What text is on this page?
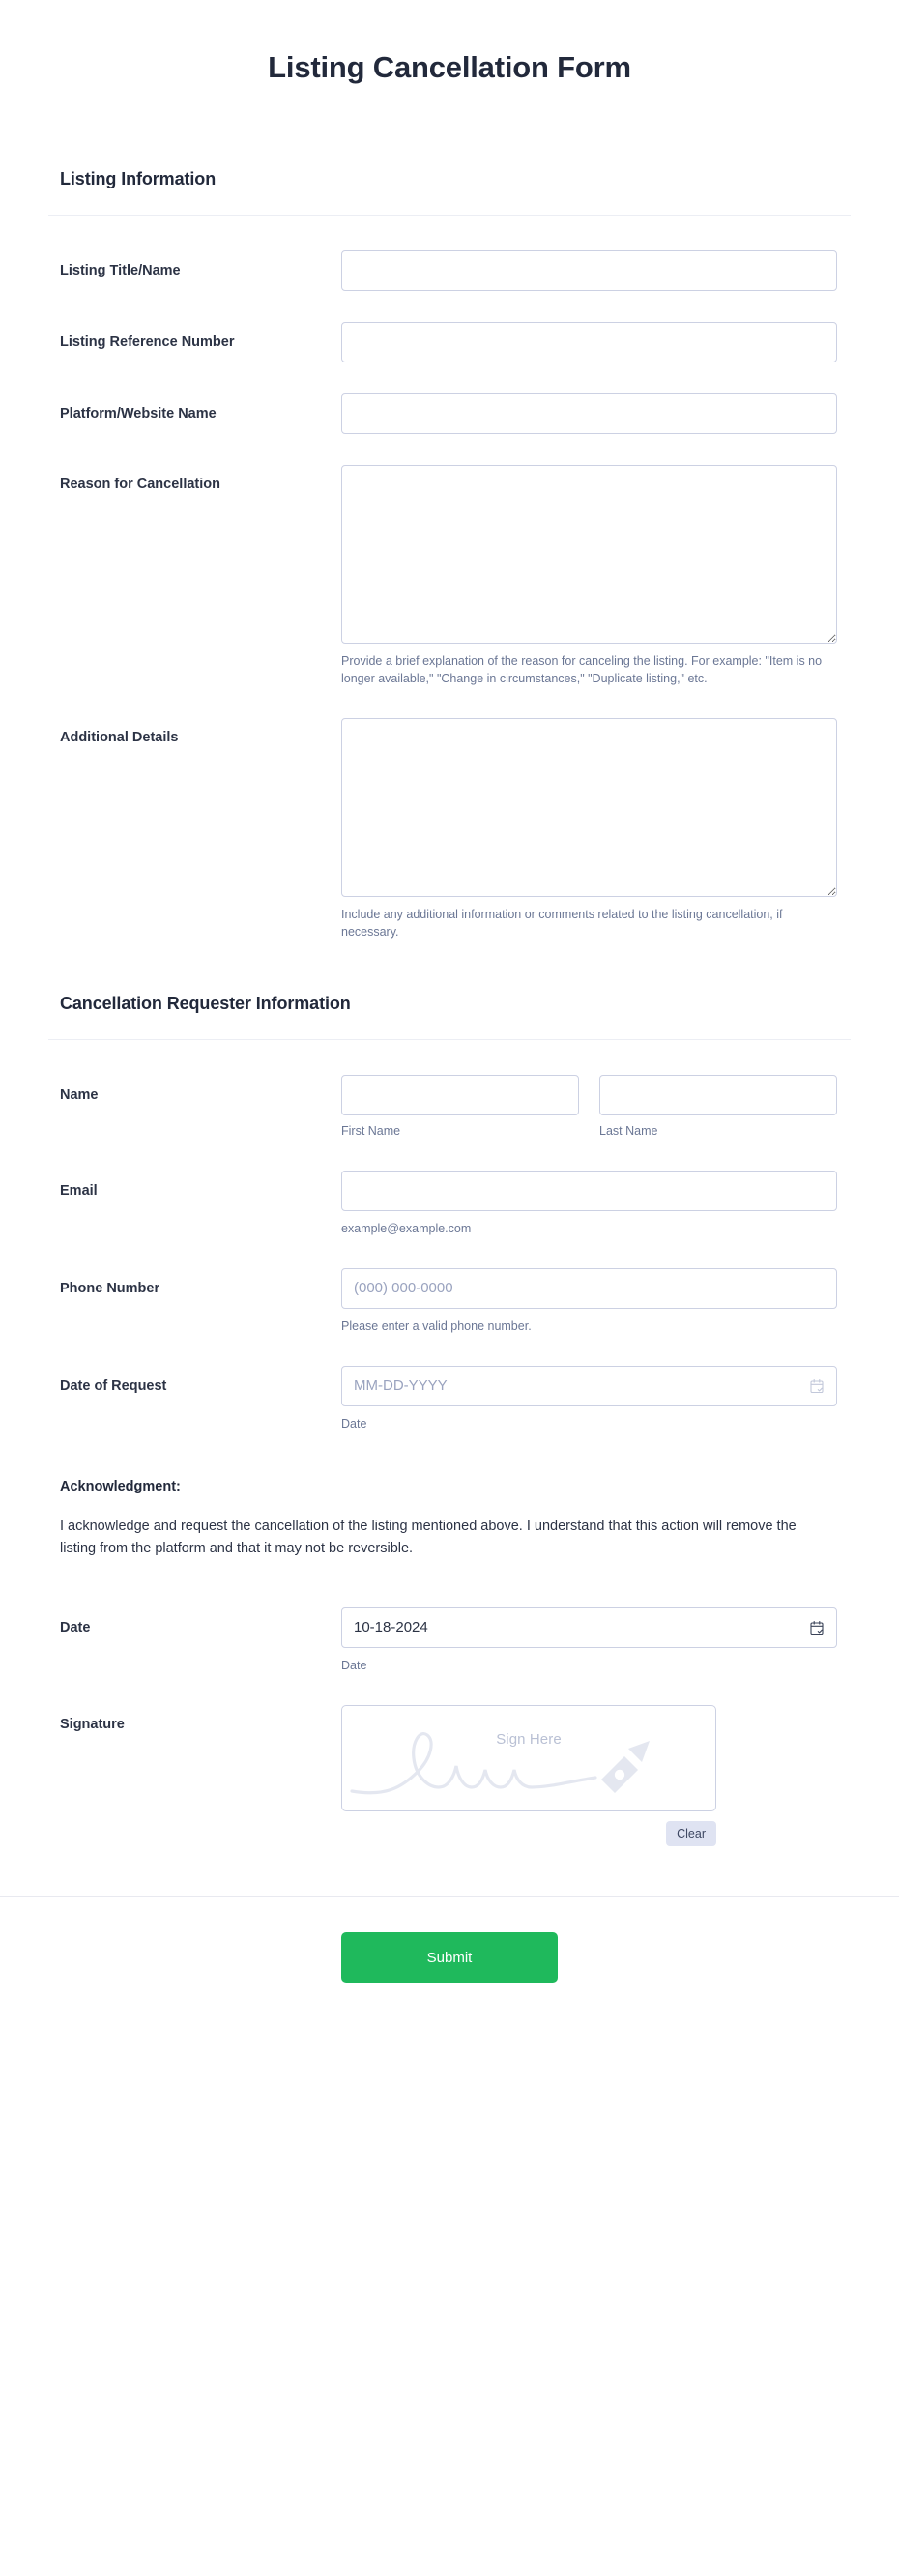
Listing Cancellation Form
Listing Information
Listing Title/Name
Listing Reference Number
Platform/Website Name
Reason for Cancellation
Provide a brief explanation of the reason for canceling the listing. For example: "Item is no longer available," "Change in circumstances," "Duplicate listing," etc.
Additional Details
Include any additional information or comments related to the listing cancellation, if necessary.
Cancellation Requester Information
Name
First Name	Last Name
Email
example@example.com
Phone Number
(000) 000-0000
Please enter a valid phone number.
Date of Request
MM-DD-YYYY
Date
Acknowledgment:

I acknowledge and request the cancellation of the listing mentioned above. I understand that this action will remove the listing from the platform and that it may not be reversible.

Date
10-18-2024
Date
Signature
Sign Here
Clear
Submit
